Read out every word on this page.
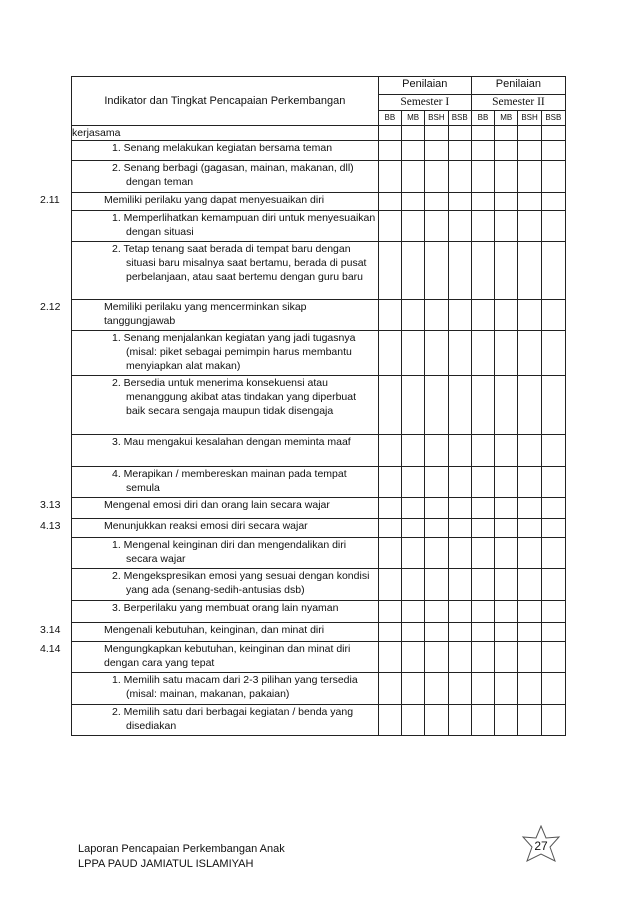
Indikator dan Tingkat Pencapaian Perkembangan	Penilaian				Penilaian			
	Semester I				Semester II			
	BB	MB	BSH	BSB	BB	MB	BSH	BSB

kerjasama								

1. Senang melakukan kegiatan bersama teman								

2. Senang berbagi (gagasan, mainan, makanan, dll) dengan teman								

2.11 Memiliki perilaku yang dapat menyesuaikan diri								

1. Memperlihatkan kemampuan diri untuk menyesuaikan dengan situasi								

2. Tetap tenang saat berada di tempat baru dengan situasi baru misalnya saat bertamu, berada di pusat perbelanjaan, atau saat bertemu dengan guru baru								

2.12 Memiliki perilaku yang mencerminkan sikap tanggungjawab								

1. Senang menjalankan kegiatan yang jadi tugasnya (misal: piket sebagai pemimpin harus membantu menyiapkan alat makan)								

2. Bersedia untuk menerima konsekuensi atau menanggung akibat atas tindakan yang diperbuat baik secara sengaja maupun tidak disengaja								

3. Mau mengakui kesalahan dengan meminta maaf								

4. Merapikan / membereskan mainan pada tempat semula								

3.13 Mengenal emosi diri dan orang lain secara wajar								

4.13 Menunjukkan reaksi emosi diri secara wajar								

1. Mengenal keinginan diri dan mengendalikan diri secara wajar								

2. Mengekspresikan emosi yang sesuai dengan kondisi yang ada (senang-sedih-antusias dsb)								

3. Berperilaku yang membuat orang lain nyaman								

3.14 Mengenali kebutuhan, keinginan, dan minat diri								

4.14 Mengungkapkan kebutuhan, keinginan dan minat diri dengan cara yang tepat								

1. Memilih satu macam dari 2-3 pilihan yang tersedia (misal: mainan, makanan, pakaian)								

2. Memilih satu dari berbagai kegiatan / benda yang disediakan								

Laporan Pencapaian Perkembangan Anak
LPPA PAUD JAMIATUL ISLAMIYAH
27
